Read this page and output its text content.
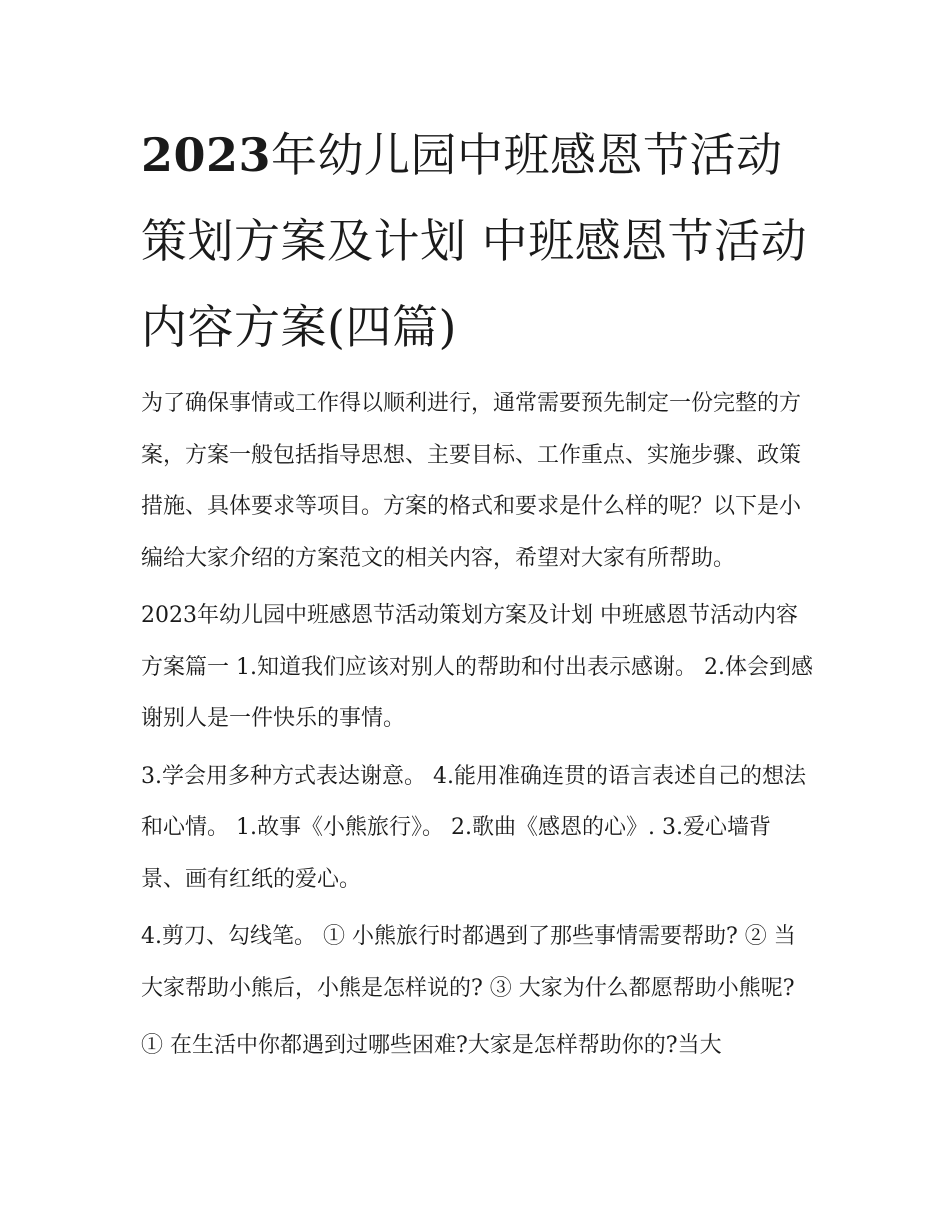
2023年幼儿园中班感恩节活动策划方案及计划 中班感恩节活动内容方案(四篇)

为了确保事情或工作得以顺利进行，通常需要预先制定一份完整的方案，方案一般包括指导思想、主要目标、工作重点、实施步骤、政策措施、具体要求等项目。方案的格式和要求是什么样的呢？以下是小编给大家介绍的方案范文的相关内容，希望对大家有所帮助。

2023年幼儿园中班感恩节活动策划方案及计划 中班感恩节活动内容方案篇一 1.知道我们应该对别人的帮助和付出表示感谢。 2.体会到感谢别人是一件快乐的事情。

3.学会用多种方式表达谢意。 4.能用准确连贯的语言表述自己的想法和心情。 1.故事《小熊旅行》。 2.歌曲《感恩的心》. 3.爱心墙背景、画有红纸的爱心。

4.剪刀、勾线笔。 ① 小熊旅行时都遇到了那些事情需要帮助? ② 当大家帮助小熊后，小熊是怎样说的? ③ 大家为什么都愿帮助小熊呢?

① 在生活中你都遇到过哪些困难?大家是怎样帮助你的?当大
